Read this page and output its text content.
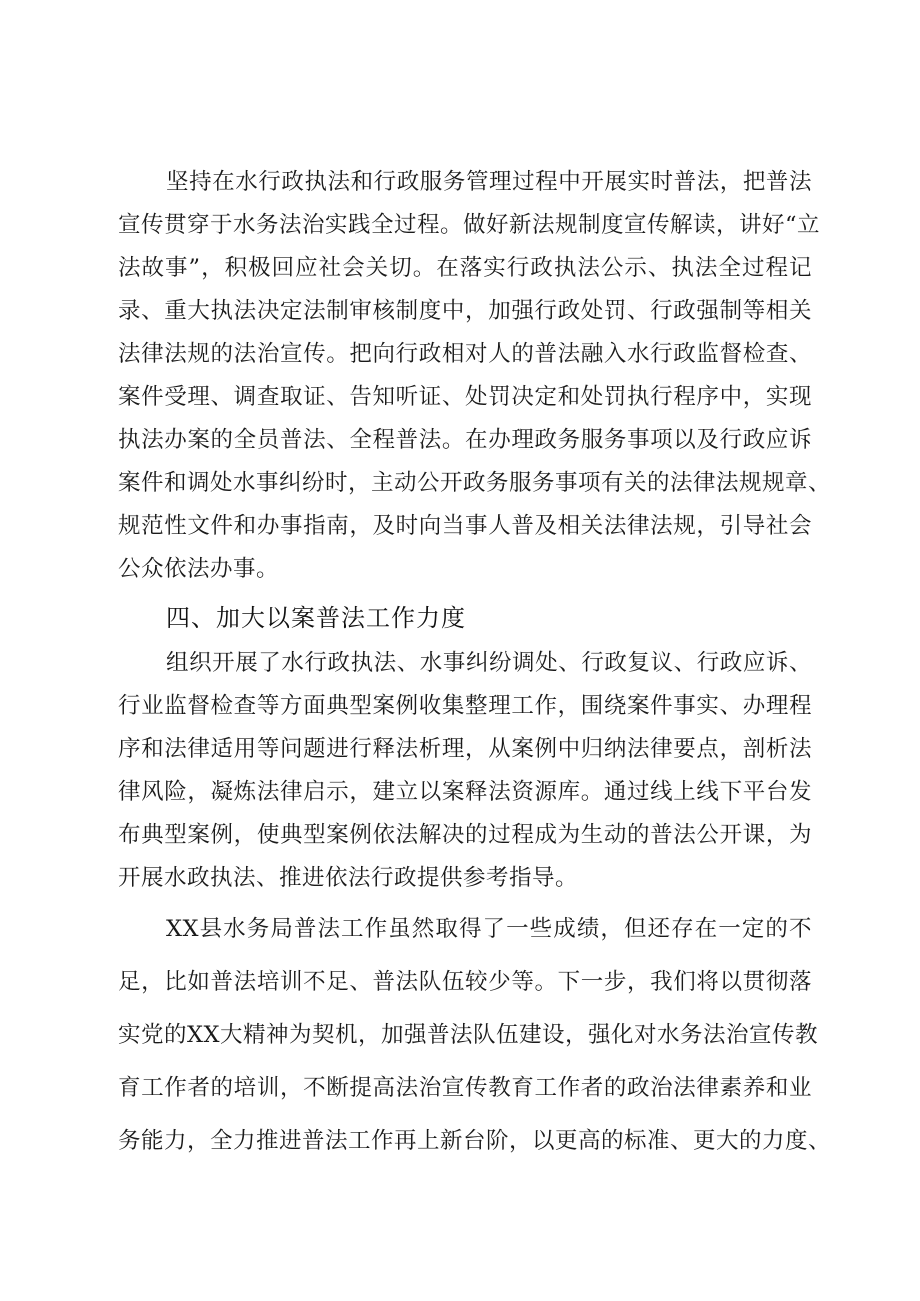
坚持在水行政执法和行政服务管理过程中开展实时普法，把普法
宣传贯穿于水务法治实践全过程。做好新法规制度宣传解读，讲好“立
法故事”，积极回应社会关切。在落实行政执法公示、执法全过程记
录、重大执法决定法制审核制度中，加强行政处罚、行政强制等相关
法律法规的法治宣传。把向行政相对人的普法融入水行政监督检查、
案件受理、调查取证、告知听证、处罚决定和处罚执行程序中，实现
执法办案的全员普法、全程普法。在办理政务服务事项以及行政应诉
案件和调处水事纠纷时，主动公开政务服务事项有关的法律法规规章、
规范性文件和办事指南，及时向当事人普及相关法律法规，引导社会
公众依法办事。
四、加大以案普法工作力度
组织开展了水行政执法、水事纠纷调处、行政复议、行政应诉、
行业监督检查等方面典型案例收集整理工作，围绕案件事实、办理程
序和法律适用等问题进行释法析理，从案例中归纳法律要点，剖析法
律风险，凝炼法律启示，建立以案释法资源库。通过线上线下平台发
布典型案例，使典型案例依法解决的过程成为生动的普法公开课，为
开展水政执法、推进依法行政提供参考指导。
XX县水务局普法工作虽然取得了一些成绩，但还存在一定的不
足，比如普法培训不足、普法队伍较少等。下一步，我们将以贯彻落
实党的XX大精神为契机，加强普法队伍建设，强化对水务法治宣传教
育工作者的培训，不断提高法治宣传教育工作者的政治法律素养和业
务能力，全力推进普法工作再上新台阶，以更高的标准、更大的力度、
